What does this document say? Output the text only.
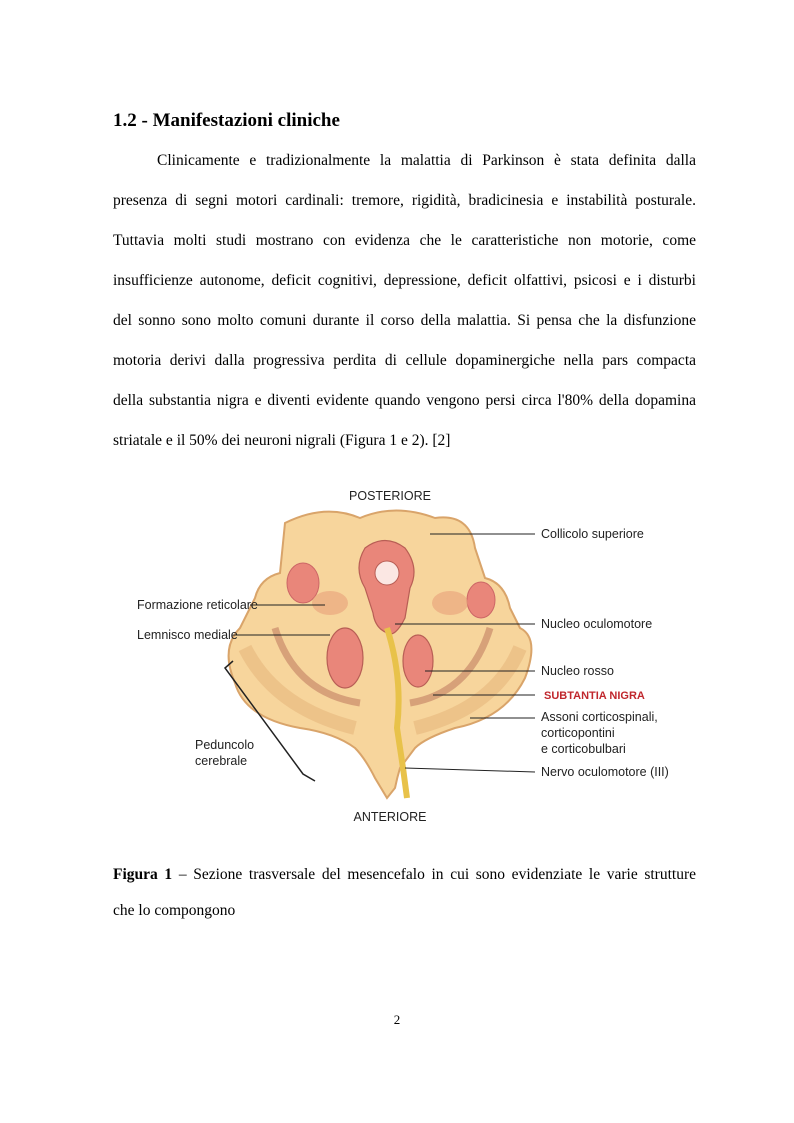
1.2 - Manifestazioni cliniche
Clinicamente e tradizionalmente la malattia di Parkinson è stata definita dalla
presenza di segni motori cardinali: tremore, rigidità, bradicinesia e instabilità posturale.
Tuttavia molti studi mostrano con evidenza che le caratteristiche non motorie, come
insufficienze autonome, deficit cognitivi, depressione, deficit olfattivi, psicosi e i disturbi
del sonno sono molto comuni durante il corso della malattia. Si pensa che la disfunzione
motoria derivi dalla progressiva perdita di cellule dopaminergiche nella pars compacta
della substantia nigra e diventi evidente quando vengono persi circa l'80% della dopamina
striatale e il 50% dei neuroni nigrali (Figura 1 e 2). [2]
POSTERIORE
ANTERIORE
Collicolo superiore
Nucleo oculomotore
Nucleo rosso
SUBTANTIA NIGRA
Assoni corticospinali,
corticopontini
e corticobulbari
Nervo oculomotore (III)
Formazione reticolare
Lemnisco mediale
Peduncolo
cerebrale
Figura 1 – Sezione trasversale del mesencefalo in cui sono evidenziate le varie strutture
che lo compongono
2
